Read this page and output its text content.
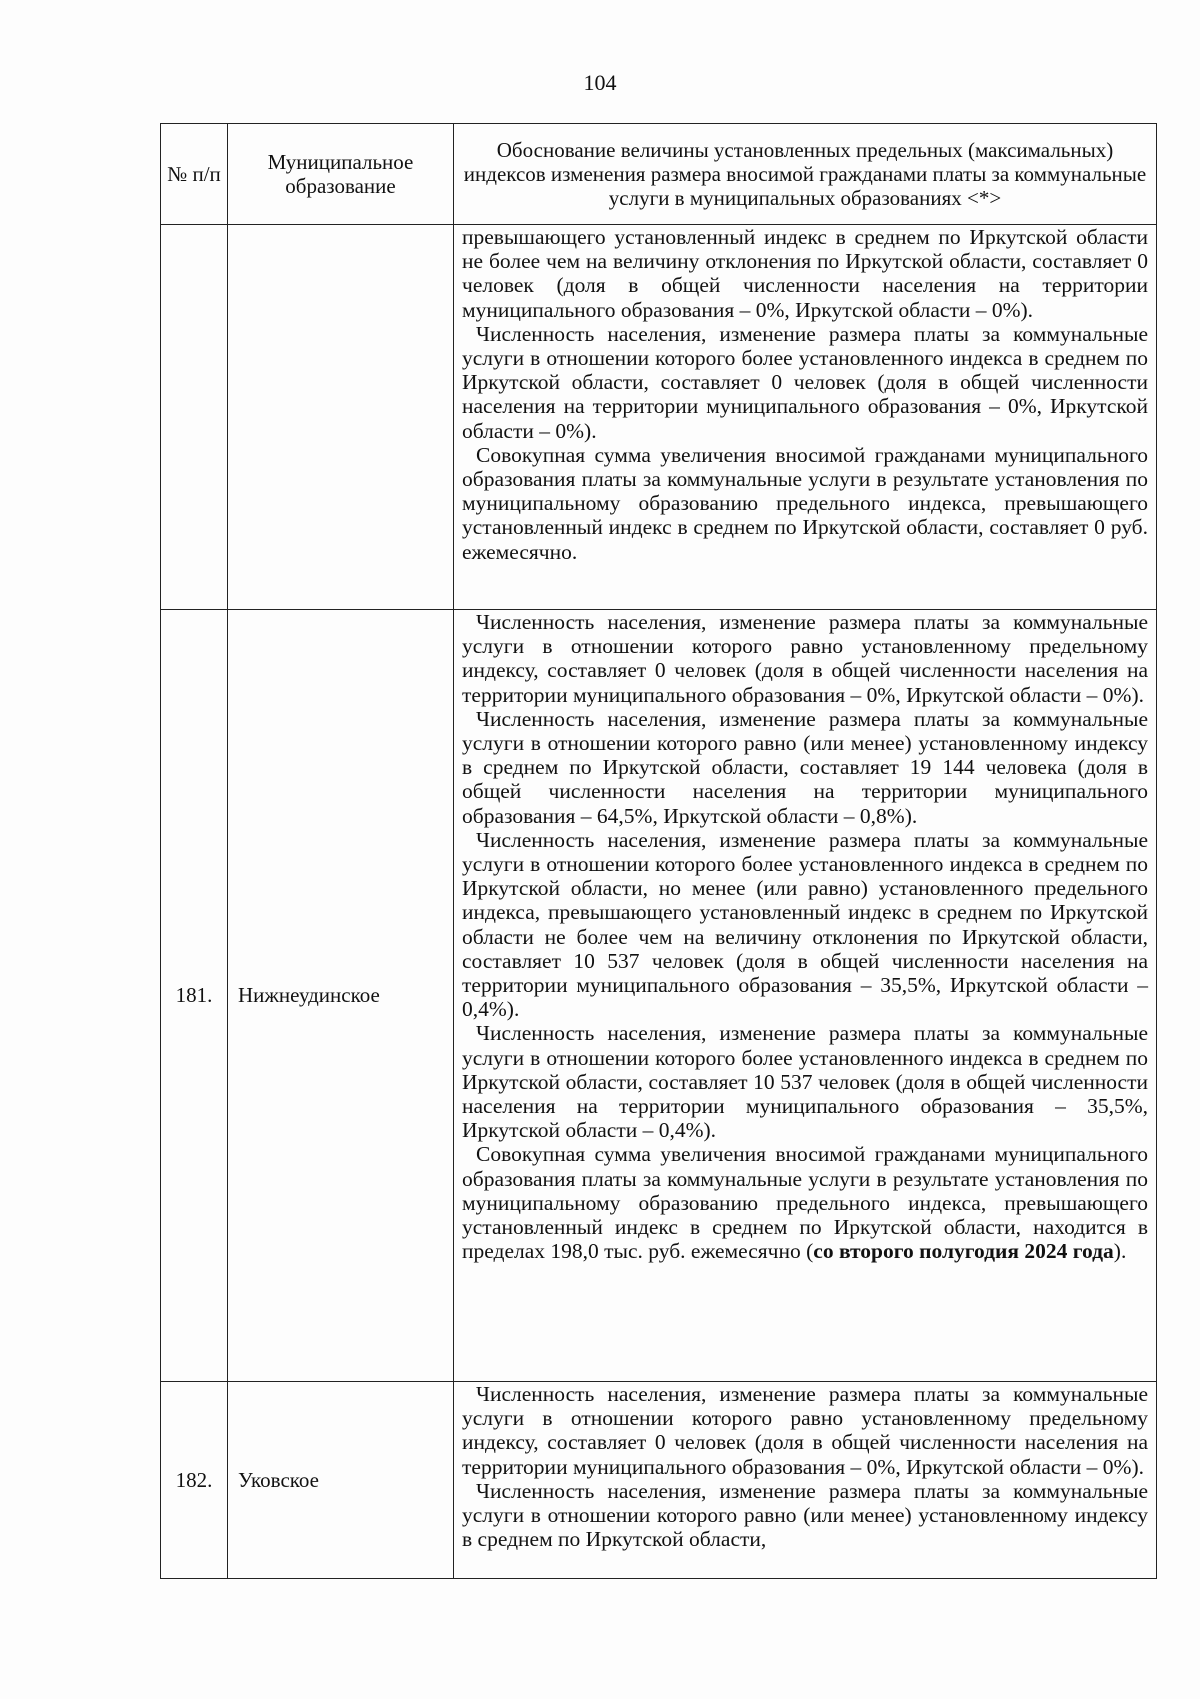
104
№ п/п	Муниципальное образование	Обоснование величины установленных предельных (максимальных) индексов изменения размера вносимой гражданами платы за коммунальные услуги в муниципальных образованиях <*>

		превышающего установленный индекс в среднем по Иркутской области не более чем на величину отклонения по Иркутской области, составляет 0 человек (доля в общей численности населения на территории муниципального образования – 0%, Иркутской области – 0%).

Численность населения, изменение размера платы за коммунальные услуги в отношении которого более установленного индекса в среднем по Иркутской области, составляет 0 человек (доля в общей численности населения на территории муниципального образования – 0%, Иркутской области – 0%).

Совокупная сумма увеличения вносимой гражданами муниципального образования платы за коммунальные услуги в результате установления по муниципальному образованию предельного индекса, превышающего установленный индекс в среднем по Иркутской области, составляет 0 руб. ежемесячно.

181.	Нижнеудинское	Численность населения, изменение размера платы за коммунальные услуги в отношении которого равно установленному предельному индексу, составляет 0 человек (доля в общей численности населения на территории муниципального образования – 0%, Иркутской области – 0%).

Численность населения, изменение размера платы за коммунальные услуги в отношении которого равно (или менее) установленному индексу в среднем по Иркутской области, составляет 19 144 человека (доля в общей численности населения на территории муниципального образования – 64,5%, Иркутской области – 0,8%).

Численность населения, изменение размера платы за коммунальные услуги в отношении которого более установленного индекса в среднем по Иркутской области, но менее (или равно) установленного предельного индекса, превышающего установленный индекс в среднем по Иркутской области не более чем на величину отклонения по Иркутской области, составляет 10 537 человек (доля в общей численности населения на территории муниципального образования – 35,5%, Иркутской области – 0,4%).

Численность населения, изменение размера платы за коммунальные услуги в отношении которого более установленного индекса в среднем по Иркутской области, составляет 10 537 человек (доля в общей численности населения на территории муниципального образования – 35,5%, Иркутской области – 0,4%).

Совокупная сумма увеличения вносимой гражданами муниципального образования платы за коммунальные услуги в результате установления по муниципальному образованию предельного индекса, превышающего установленный индекс в среднем по Иркутской области, находится в пределах 198,0 тыс. руб. ежемесячно (со второго полугодия 2024 года).

182.	Уковское	Численность населения, изменение размера платы за коммунальные услуги в отношении которого равно установленному предельному индексу, составляет 0 человек (доля в общей численности населения на территории муниципального образования – 0%, Иркутской области – 0%).

Численность населения, изменение размера платы за коммунальные услуги в отношении которого равно (или менее) установленному индексу в среднем по Иркутской области,
